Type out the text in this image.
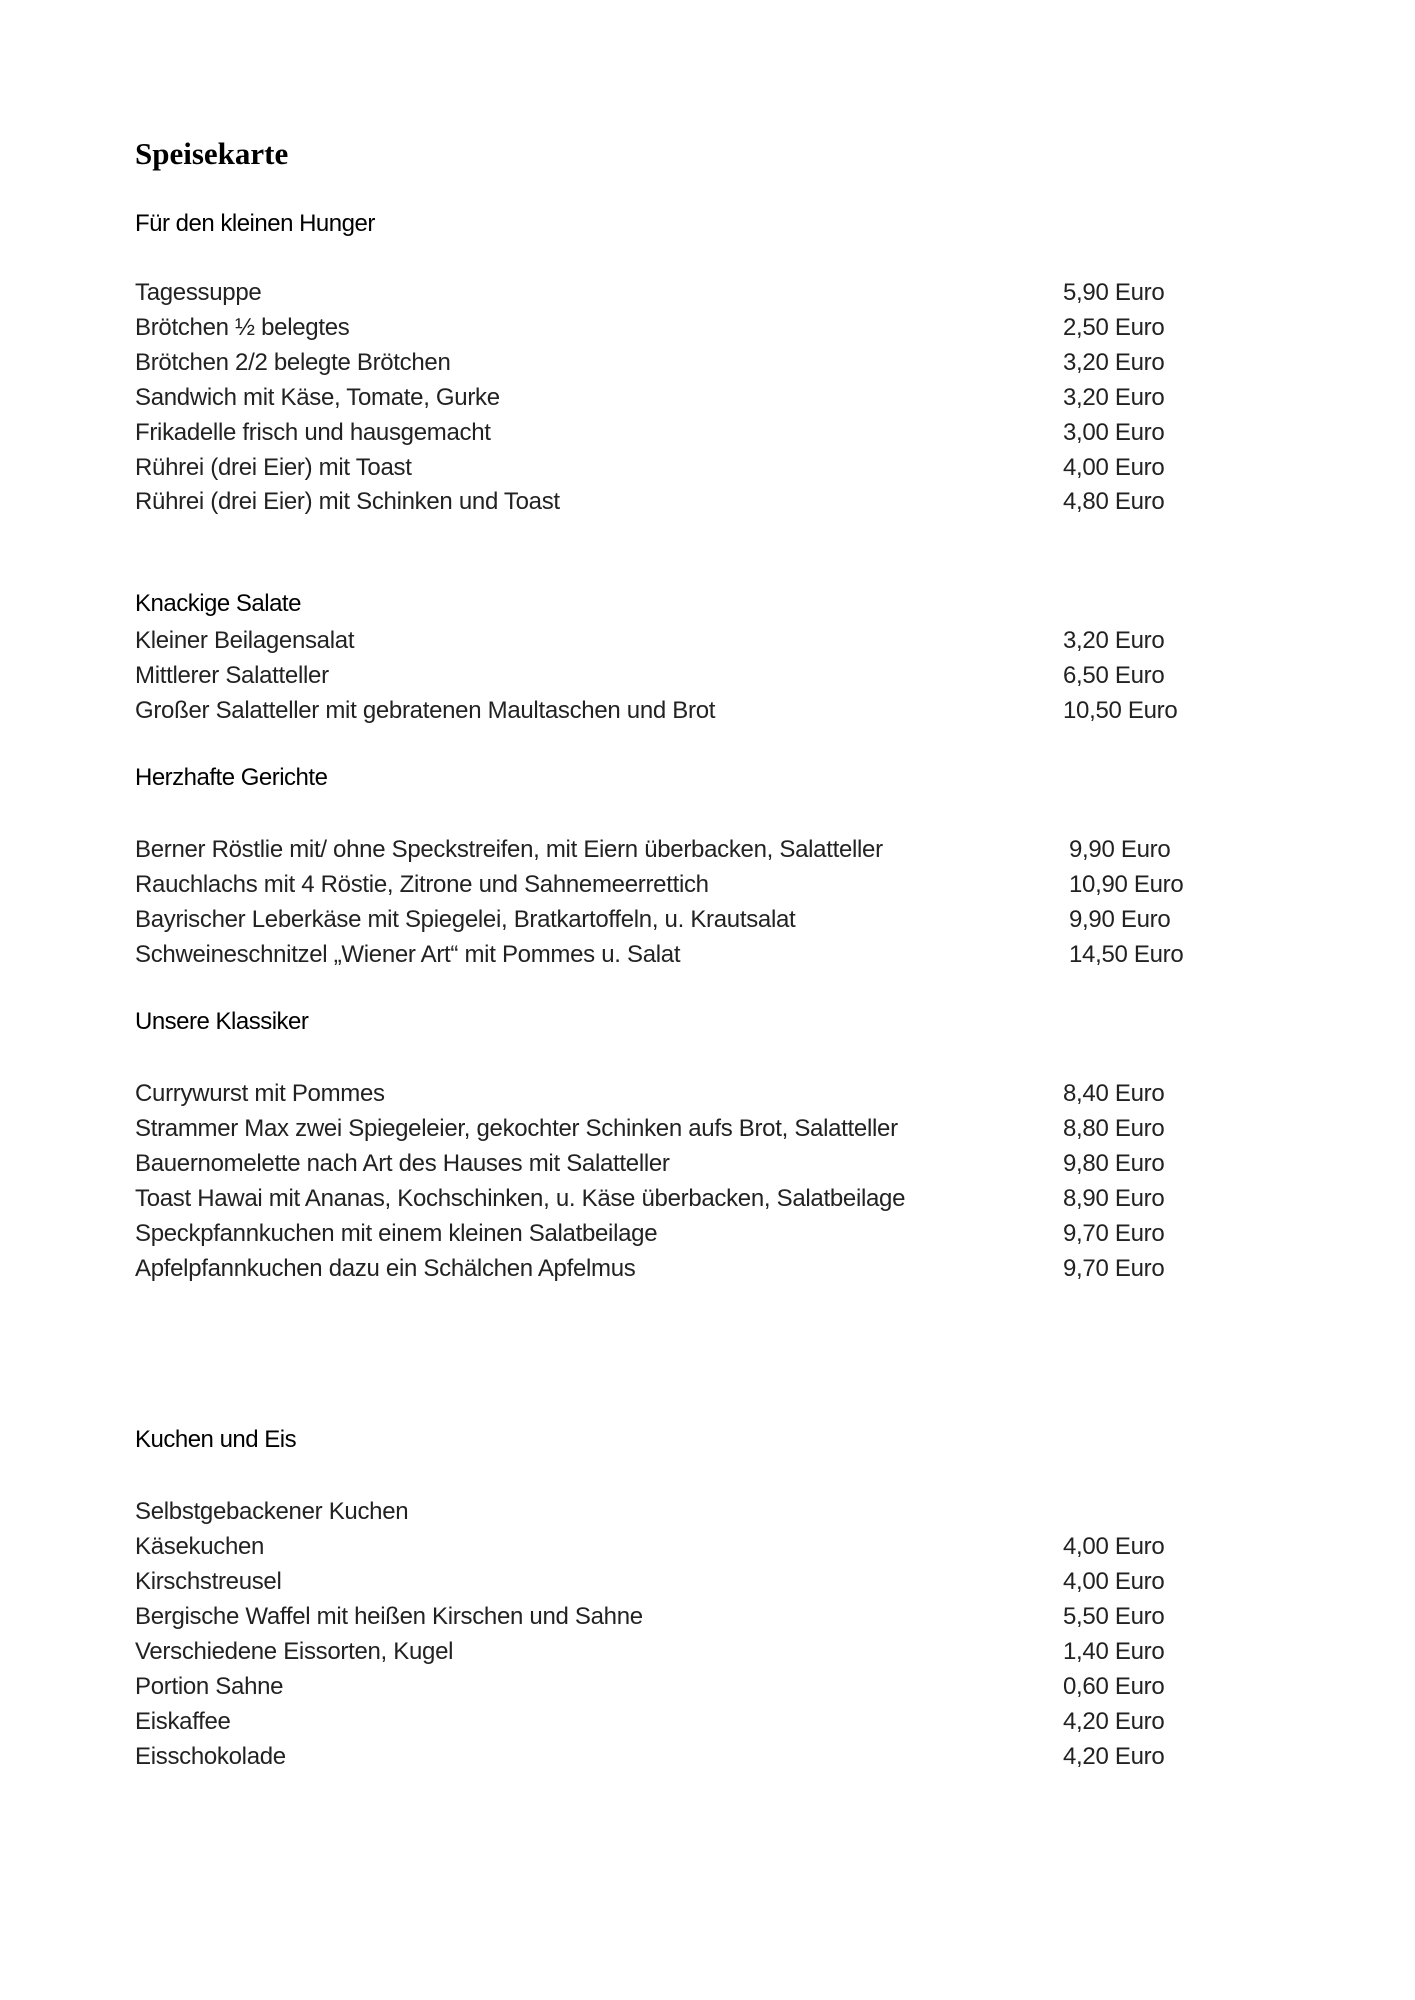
Speisekarte
Für den kleinen Hunger
Tagessuppe	5,90 Euro
Brötchen ½ belegtes	2,50 Euro
Brötchen 2/2 belegte Brötchen	3,20 Euro
Sandwich mit Käse, Tomate, Gurke	3,20 Euro
Frikadelle frisch und hausgemacht	3,00 Euro
Rührei (drei Eier) mit Toast	4,00 Euro
Rührei (drei Eier) mit Schinken und Toast	4,80 Euro
Knackige Salate
Kleiner Beilagensalat	3,20 Euro
Mittlerer Salatteller	6,50 Euro
Großer Salatteller mit gebratenen Maultaschen und Brot	10,50 Euro
Herzhafte Gerichte
Berner Röstlie mit/ ohne Speckstreifen, mit Eiern überbacken, Salatteller	9,90 Euro
Rauchlachs mit 4 Röstie, Zitrone und Sahnemeerrettich	10,90 Euro
Bayrischer Leberkäse mit Spiegelei, Bratkartoffeln, u. Krautsalat	9,90 Euro
Schweineschnitzel „Wiener Art“ mit Pommes u. Salat	14,50 Euro
Unsere Klassiker
Currywurst mit Pommes	8,40 Euro
Strammer Max zwei Spiegeleier, gekochter Schinken aufs Brot, Salatteller	8,80 Euro
Bauernomelette nach Art des Hauses mit Salatteller	9,80 Euro
Toast Hawai mit Ananas, Kochschinken, u. Käse überbacken, Salatbeilage	8,90 Euro
Speckpfannkuchen mit einem kleinen Salatbeilage	9,70 Euro
Apfelpfannkuchen dazu ein Schälchen Apfelmus	9,70 Euro
Kuchen und Eis
Selbstgebackener Kuchen
Käsekuchen	4,00 Euro
Kirschstreusel	4,00 Euro
Bergische Waffel mit heißen Kirschen und Sahne	5,50 Euro
Verschiedene Eissorten, Kugel	1,40 Euro
Portion Sahne	0,60 Euro
Eiskaffee	4,20 Euro
Eisschokolade	4,20 Euro
